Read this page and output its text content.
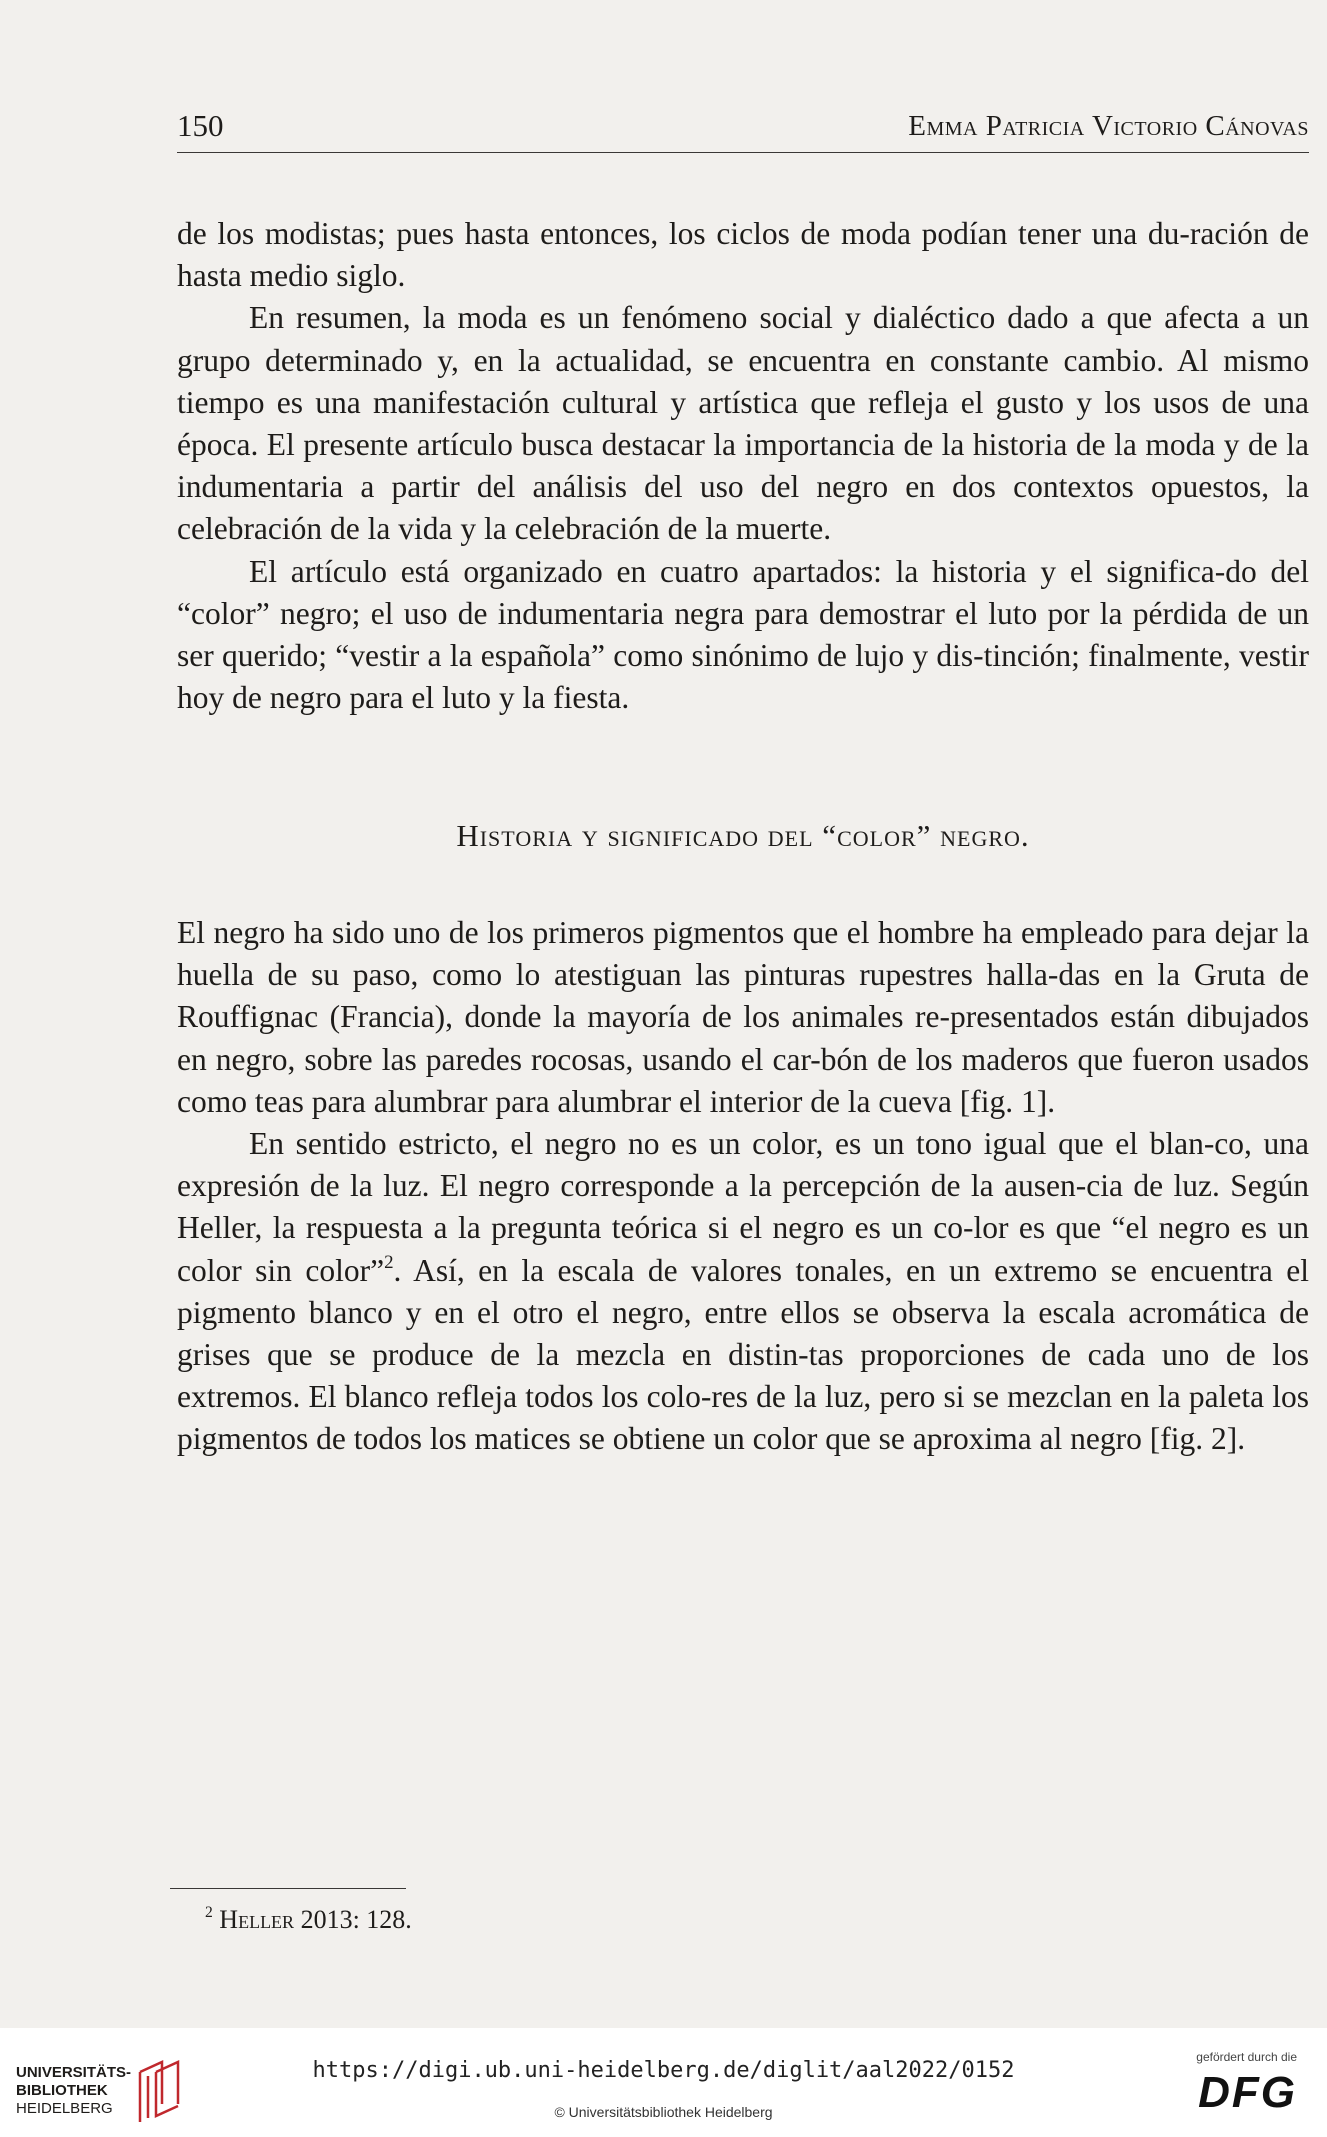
150	Emma Patricia Victorio Cánovas

de los modistas; pues hasta entonces, los ciclos de moda podían tener una du-ración de hasta medio siglo.

En resumen, la moda es un fenómeno social y dialéctico dado a que afecta a un grupo determinado y, en la actualidad, se encuentra en constante cambio. Al mismo tiempo es una manifestación cultural y artística que refleja el gusto y los usos de una época. El presente artículo busca destacar la importancia de la historia de la moda y de la indumentaria a partir del análisis del uso del negro en dos contextos opuestos, la celebración de la vida y la celebración de la muerte.

El artículo está organizado en cuatro apartados: la historia y el significa-do del “color” negro; el uso de indumentaria negra para demostrar el luto por la pérdida de un ser querido; “vestir a la española” como sinónimo de lujo y dis-tinción; finalmente, vestir hoy de negro para el luto y la fiesta.

Historia y significado del “color” negro.

El negro ha sido uno de los primeros pigmentos que el hombre ha empleado para dejar la huella de su paso, como lo atestiguan las pinturas rupestres halla-das en la Gruta de Rouffignac (Francia), donde la mayoría de los animales re-presentados están dibujados en negro, sobre las paredes rocosas, usando el car-bón de los maderos que fueron usados como teas para alumbrar para alumbrar el interior de la cueva [fig. 1].

En sentido estricto, el negro no es un color, es un tono igual que el blan-co, una expresión de la luz. El negro corresponde a la percepción de la ausen-cia de luz. Según Heller, la respuesta a la pregunta teórica si el negro es un co-lor es que “el negro es un color sin color”$^2$. Así, en la escala de valores tonales, en un extremo se encuentra el pigmento blanco y en el otro el negro, entre ellos se observa la escala acromática de grises que se produce de la mezcla en distin-tas proporciones de cada uno de los extremos. El blanco refleja todos los colo-res de la luz, pero si se mezclan en la paleta los pigmentos de todos los matices se obtiene un color que se aproxima al negro [fig. 2].

$^2$ Heller 2013: 128.
UNIVERSITÄTS-
BIBLIOTHEK
HEIDELBERG
https://digi.ub.uni-heidelberg.de/diglit/aal2022/0152
© Universitätsbibliothek Heidelberg
gefördert durch die
DFG
